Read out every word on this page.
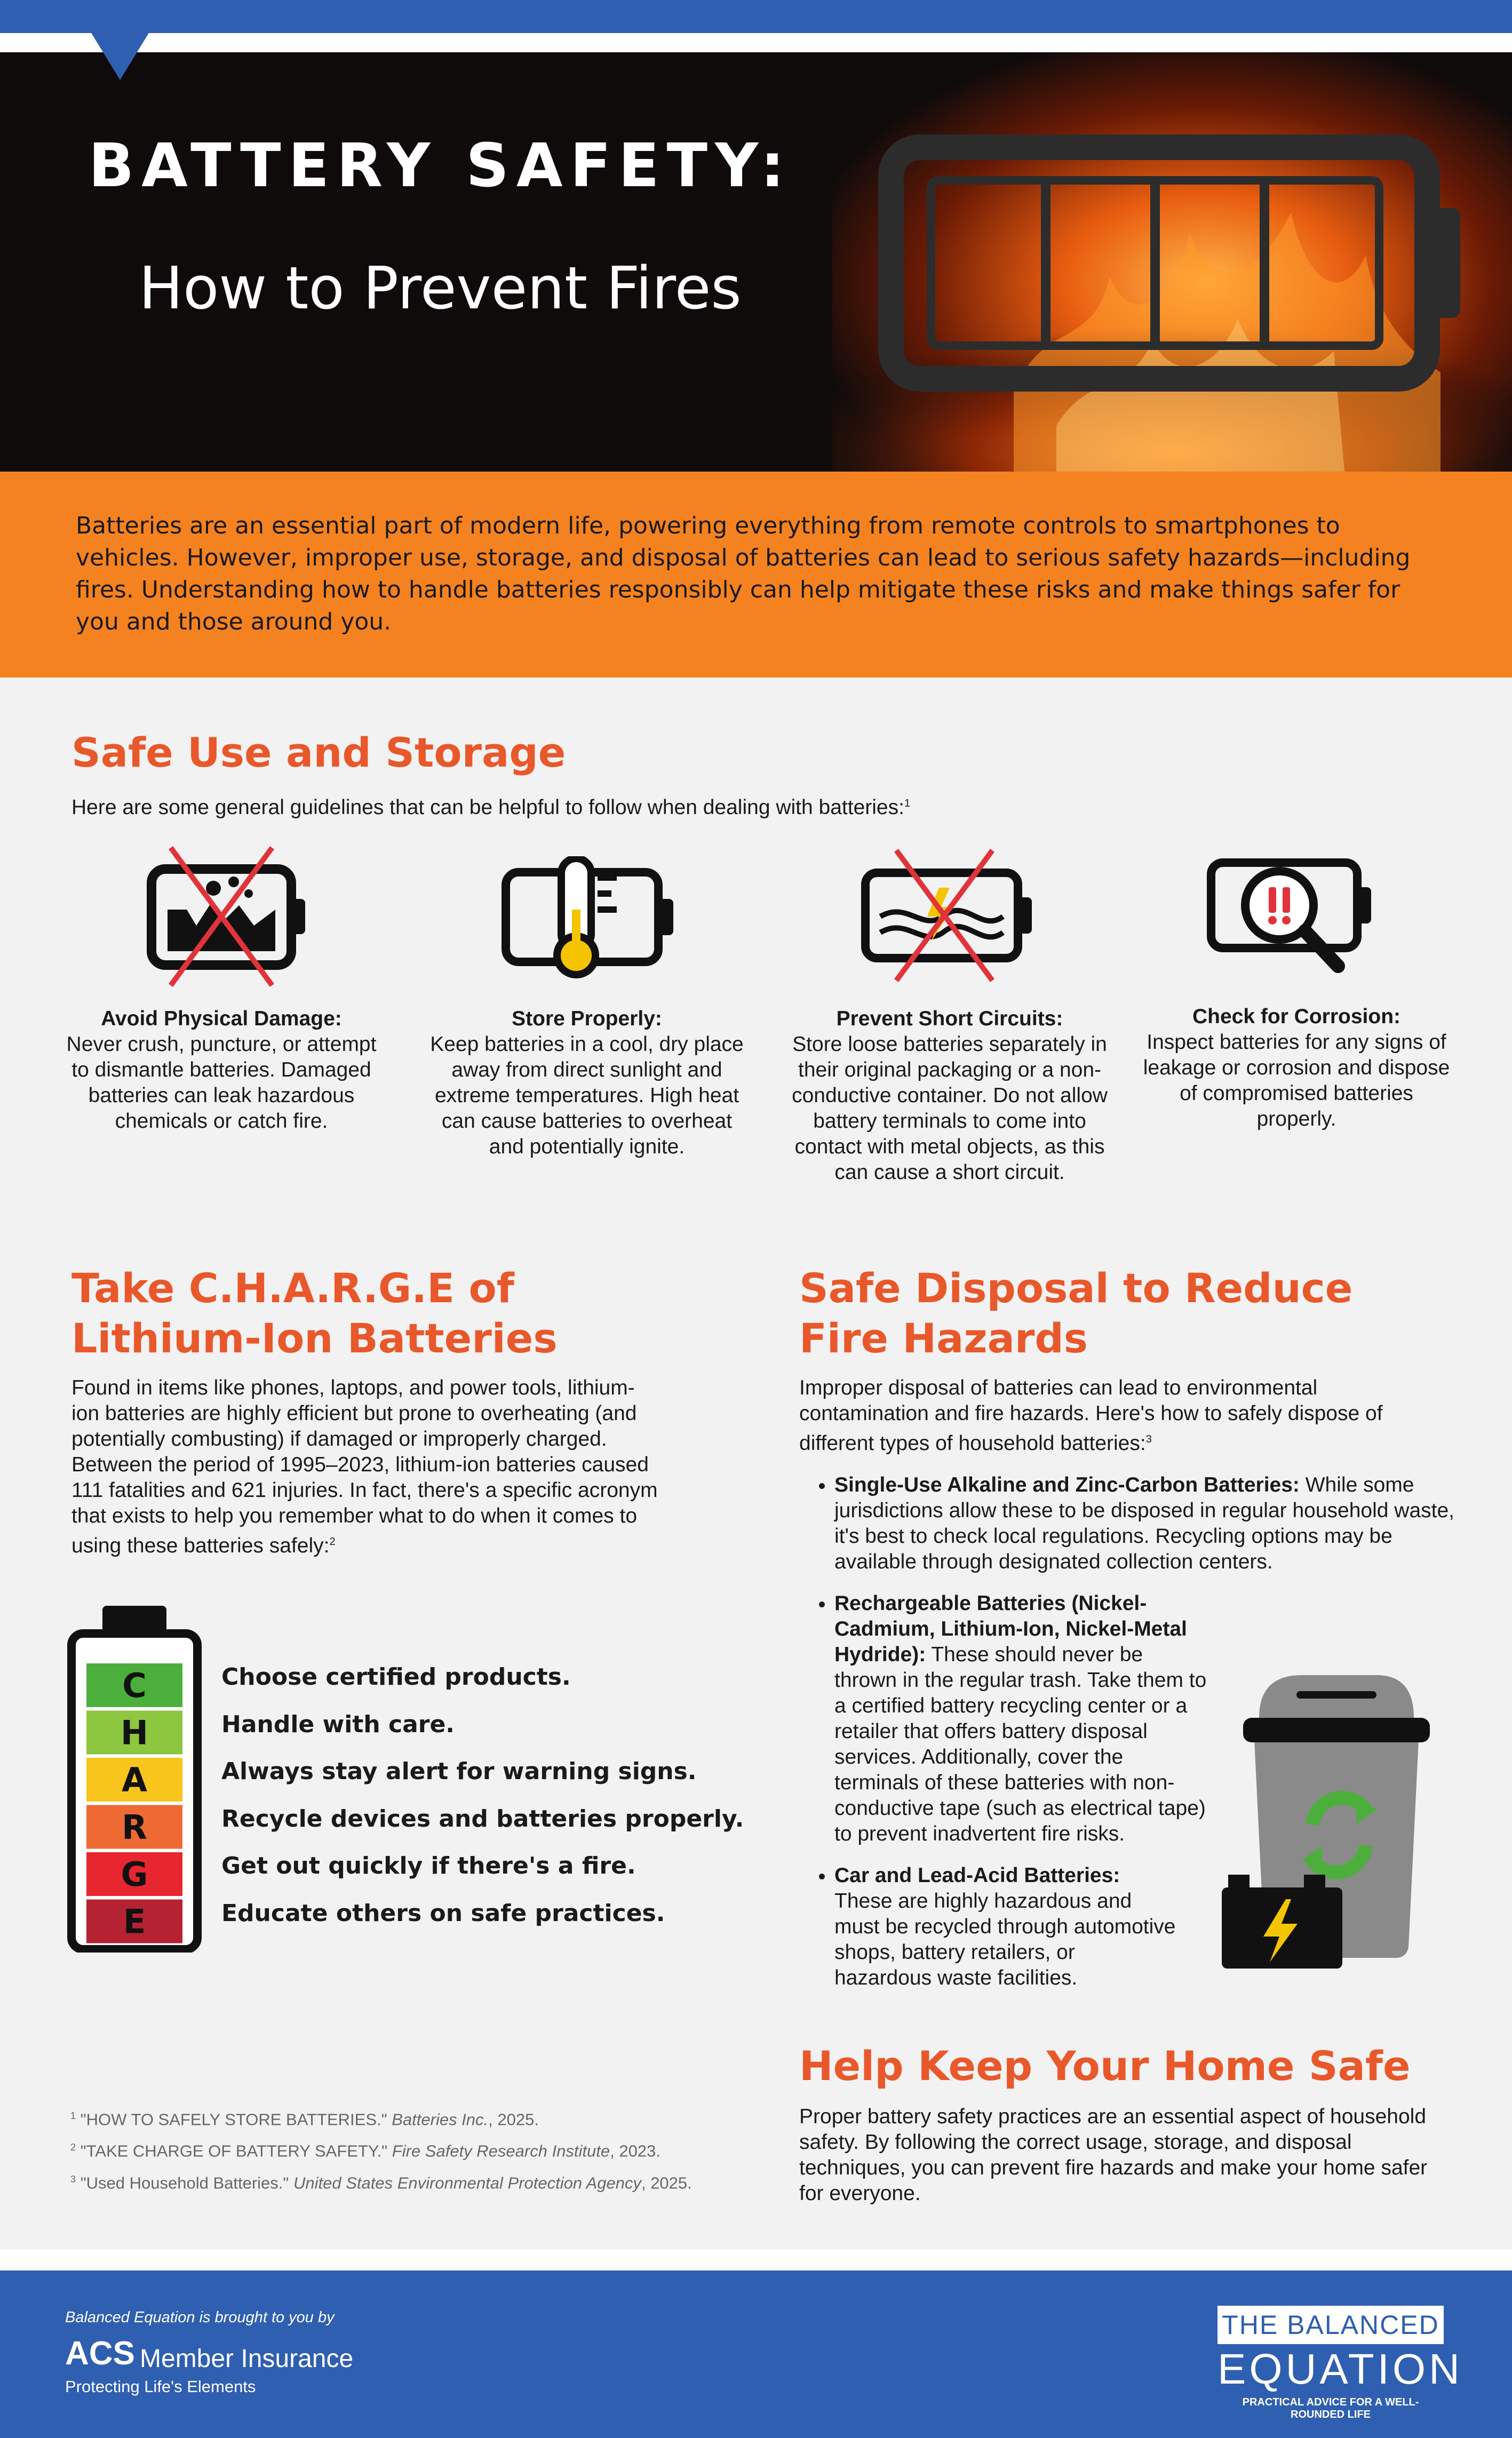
BATTERY SAFETY:
How to Prevent Fires
Batteries are an essential part of modern life, powering everything from remote controls to smartphones to vehicles. However, improper use, storage, and disposal of batteries can lead to serious safety hazards—including fires. Understanding how to handle batteries responsibly can help mitigate these risks and make things safer for you and those around you.
Safe Use and Storage
Here are some general guidelines that can be helpful to follow when dealing with batteries:$^1$
Avoid Physical Damage:
Never crush, puncture, or attempt to dismantle batteries. Damaged batteries can leak hazardous chemicals or catch fire.
Store Properly:
Keep batteries in a cool, dry place away from direct sunlight and extreme temperatures. High heat can cause batteries to overheat and potentially ignite.
Prevent Short Circuits:
Store loose batteries separately in their original packaging or a non-conductive container. Do not allow battery terminals to come into contact with metal objects, as this can cause a short circuit.
Check for Corrosion:
Inspect batteries for any signs of leakage or corrosion and dispose of compromised batteries properly.
Take C.H.A.R.G.E of
Lithium-Ion Batteries
Found in items like phones, laptops, and power tools, lithium-ion batteries are highly efficient but prone to overheating (and potentially combusting) if damaged or improperly charged. Between the period of 1995–2023, lithium-ion batteries caused 111 fatalities and 621 injuries. In fact, there's a specific acronym that exists to help you remember what to do when it comes to using these batteries safely:$^2$
C
H
A
R
G
E
Choose certified products.
Handle with care.
Always stay alert for warning signs.
Recycle devices and batteries properly.
Get out quickly if there's a fire.
Educate others on safe practices.
Safe Disposal to Reduce
Fire Hazards
Improper disposal of batteries can lead to environmental contamination and fire hazards. Here's how to safely dispose of different types of household batteries:$^3$
• Single-Use Alkaline and Zinc-Carbon Batteries: While some jurisdictions allow these to be disposed in regular household waste, it's best to check local regulations. Recycling options may be available through designated collection centers.
• Rechargeable Batteries (Nickel-Cadmium, Lithium-Ion, Nickel-Metal Hydride): These should never be thrown in the regular trash. Take them to a certified battery recycling center or a retailer that offers battery disposal services. Additionally, cover the terminals of these batteries with non-conductive tape (such as electrical tape) to prevent inadvertent fire risks.
• Car and Lead-Acid Batteries: These are highly hazardous and must be recycled through automotive shops, battery retailers, or hazardous waste facilities.
Help Keep Your Home Safe
Proper battery safety practices are an essential aspect of household safety. By following the correct usage, storage, and disposal techniques, you can prevent fire hazards and make your home safer for everyone.
$^1$ "HOW TO SAFELY STORE BATTERIES." Batteries Inc., 2025.
$^2$ "TAKE CHARGE OF BATTERY SAFETY." Fire Safety Research Institute, 2023.
$^3$ "Used Household Batteries." United States Environmental Protection Agency, 2025.
Balanced Equation is brought to you by
ACS Member Insurance
Protecting Life's Elements
THE BALANCED
EQUATION
PRACTICAL ADVICE FOR A WELL-ROUNDED LIFE
